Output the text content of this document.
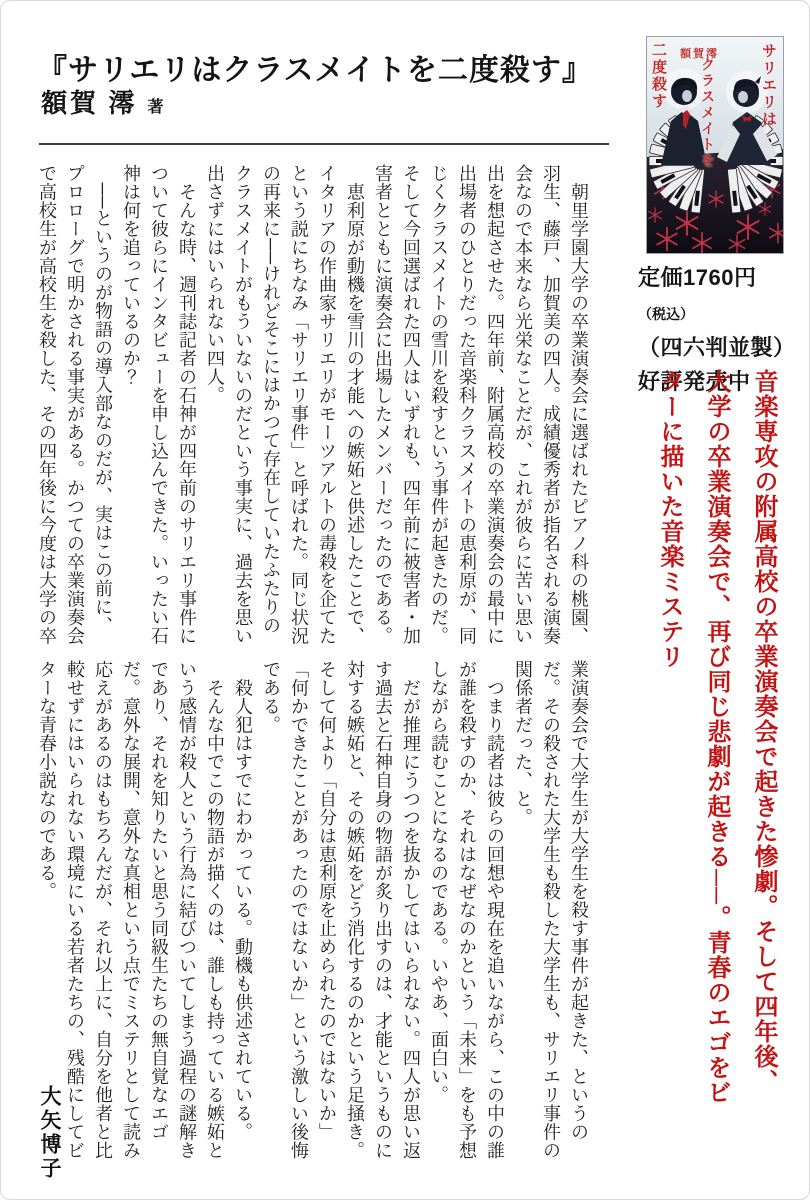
『サリエリはクラスメイトを二度殺す』
額賀 澪 著

　朝里学園大学の卒業演奏会に選ばれたピアノ科の桃園、羽生、藤戸、加賀美の四人。成績優秀者が指名される演奏会なので本来なら光栄なことだが、これが彼らに苦い思い出を想起させた。四年前、附属高校の卒業演奏会の最中に出場者のひとりだった音楽科クラスメイトの恵利原が、同じくクラスメイトの雪川を殺すという事件が起きたのだ。そして今回選ばれた四人はいずれも、四年前に被害者・加害者とともに演奏会に出場したメンバーだったのである。

　恵利原が動機を雪川の才能への嫉妬と供述したことで、イタリアの作曲家サリエリがモーツアルトの毒殺を企てたという説にちなみ「サリエリ事件」と呼ばれた。同じ状況の再来に──けれどそこにはかつて存在していたふたりのクラスメイトがもういないのだという事実に、過去を思い出さずにはいられない四人。

　そんな時、週刊誌記者の石神が四年前のサリエリ事件について彼らにインタビューを申し込んできた。いったい石神は何を追っているのか？

　──というのが物語の導入部なのだが、実はこの前に、プロローグで明かされる事実がある。かつての卒業演奏会で高校生が高校生を殺した、その四年後に今度は大学の卒

業演奏会で大学生が大学生を殺す事件が起きた、というのだ。その殺された大学生も殺した大学生も、サリエリ事件の関係者だった、と。

　つまり読者は彼らの回想や現在を追いながら、この中の誰が誰を殺すのか、それはなぜなのかという「未来」をも予想しながら読むことになるのである。いやあ、面白い。

　だが推理にうつつを抜かしてはいられない。四人が思い返す過去と石神自身の物語が炙り出すのは、才能というものに対する嫉妬と、その嫉妬をどう消化するのかという足掻き。そして何より「自分は恵利原を止められたのではないか」「何かできたことがあったのではないか」という激しい後悔である。

　殺人犯はすでにわかっている。動機も供述されている。

　そんな中でこの物語が描くのは、誰しも持っている嫉妬という感情が殺人という行為に結びついてしまう過程の謎解きであり、それを知りたいと思う同級生たちの無自覚なエゴだ。意外な展開、意外な真相という点でミステリとして読み応えがあるのはもちろんだが、それ以上に、自分を他者と比較せずにはいられない環境にいる若者たちの、残酷にしてビターな青春小説なのである。

大矢博子
サリエリは
クラスメイトを
二度殺す 額賀澪
定価1760円（税込）
（四六判並製）
好評発売中 音楽専攻の附属高校の卒業演奏会で起きた惨劇。そして四年後、大学の卒業演奏会で、再び同じ悲劇が起きる──。青春のエゴをビターに描いた音楽ミステリ
